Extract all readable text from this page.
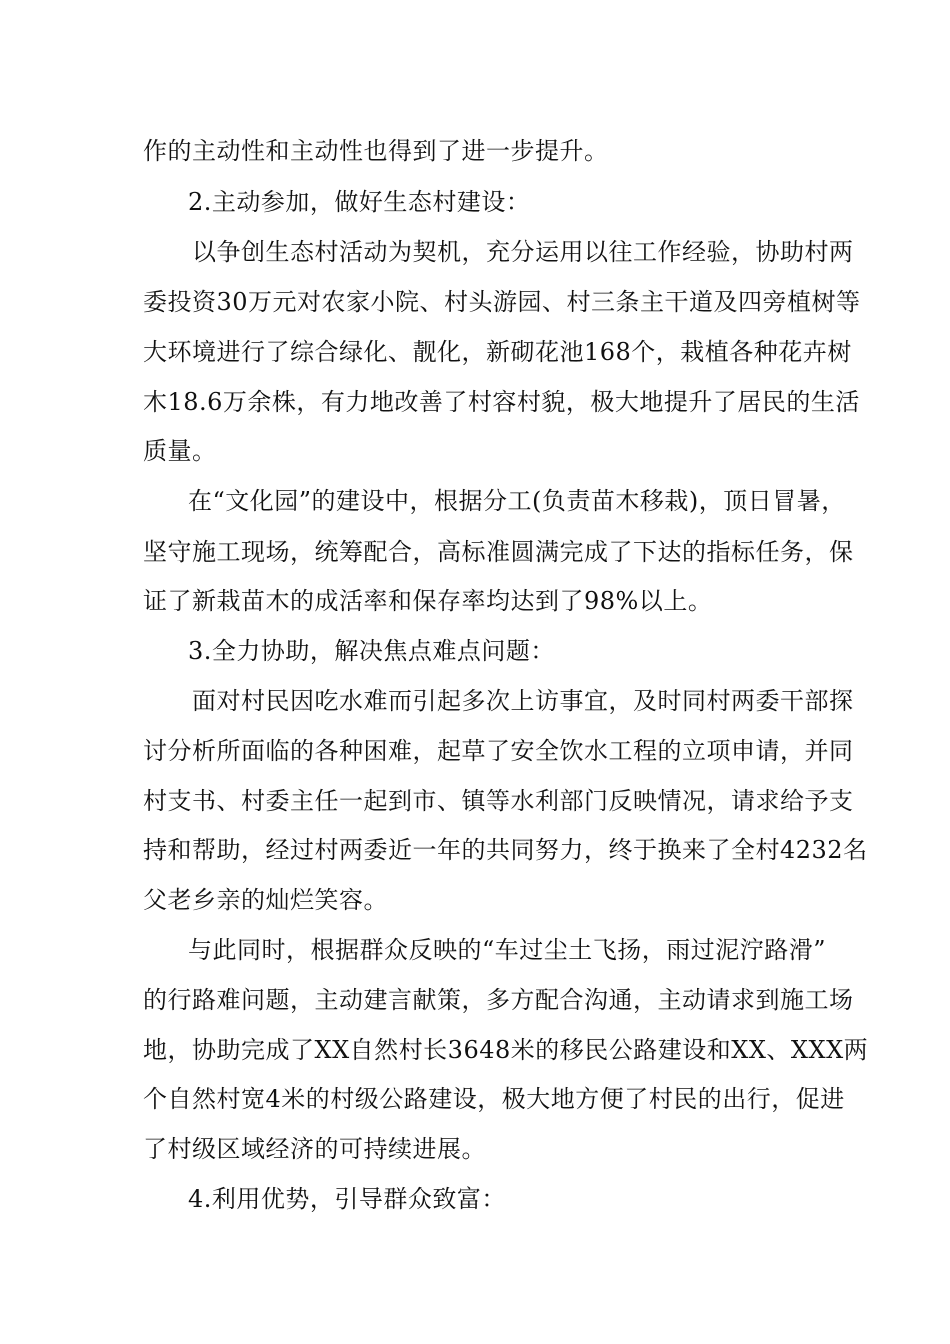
作的主动性和主动性也得到了进一步提升。
2.主动参加，做好生态村建设：
以争创生态村活动为契机，充分运用以往工作经验，协助村两
委投资30万元对农家小院、村头游园、村三条主干道及四旁植树等
大环境进行了综合绿化、靓化，新砌花池168个，栽植各种花卉树
木18.6万余株，有力地改善了村容村貌，极大地提升了居民的生活
质量。
在“文化园”的建设中，根据分工(负责苗木移栽)，顶日冒暑，
坚守施工现场，统筹配合，高标准圆满完成了下达的指标任务，保
证了新栽苗木的成活率和保存率均达到了98%以上。
3.全力协助，解决焦点难点问题：
面对村民因吃水难而引起多次上访事宜，及时同村两委干部探
讨分析所面临的各种困难，起草了安全饮水工程的立项申请，并同
村支书、村委主任一起到市、镇等水利部门反映情况，请求给予支
持和帮助，经过村两委近一年的共同努力，终于换来了全村4232名
父老乡亲的灿烂笑容。
与此同时，根据群众反映的“车过尘土飞扬，雨过泥泞路滑”
的行路难问题，主动建言献策，多方配合沟通，主动请求到施工场
地，协助完成了XX自然村长3648米的移民公路建设和XX、XXX两
个自然村宽4米的村级公路建设，极大地方便了村民的出行，促进
了村级区域经济的可持续进展。
4.利用优势，引导群众致富：
